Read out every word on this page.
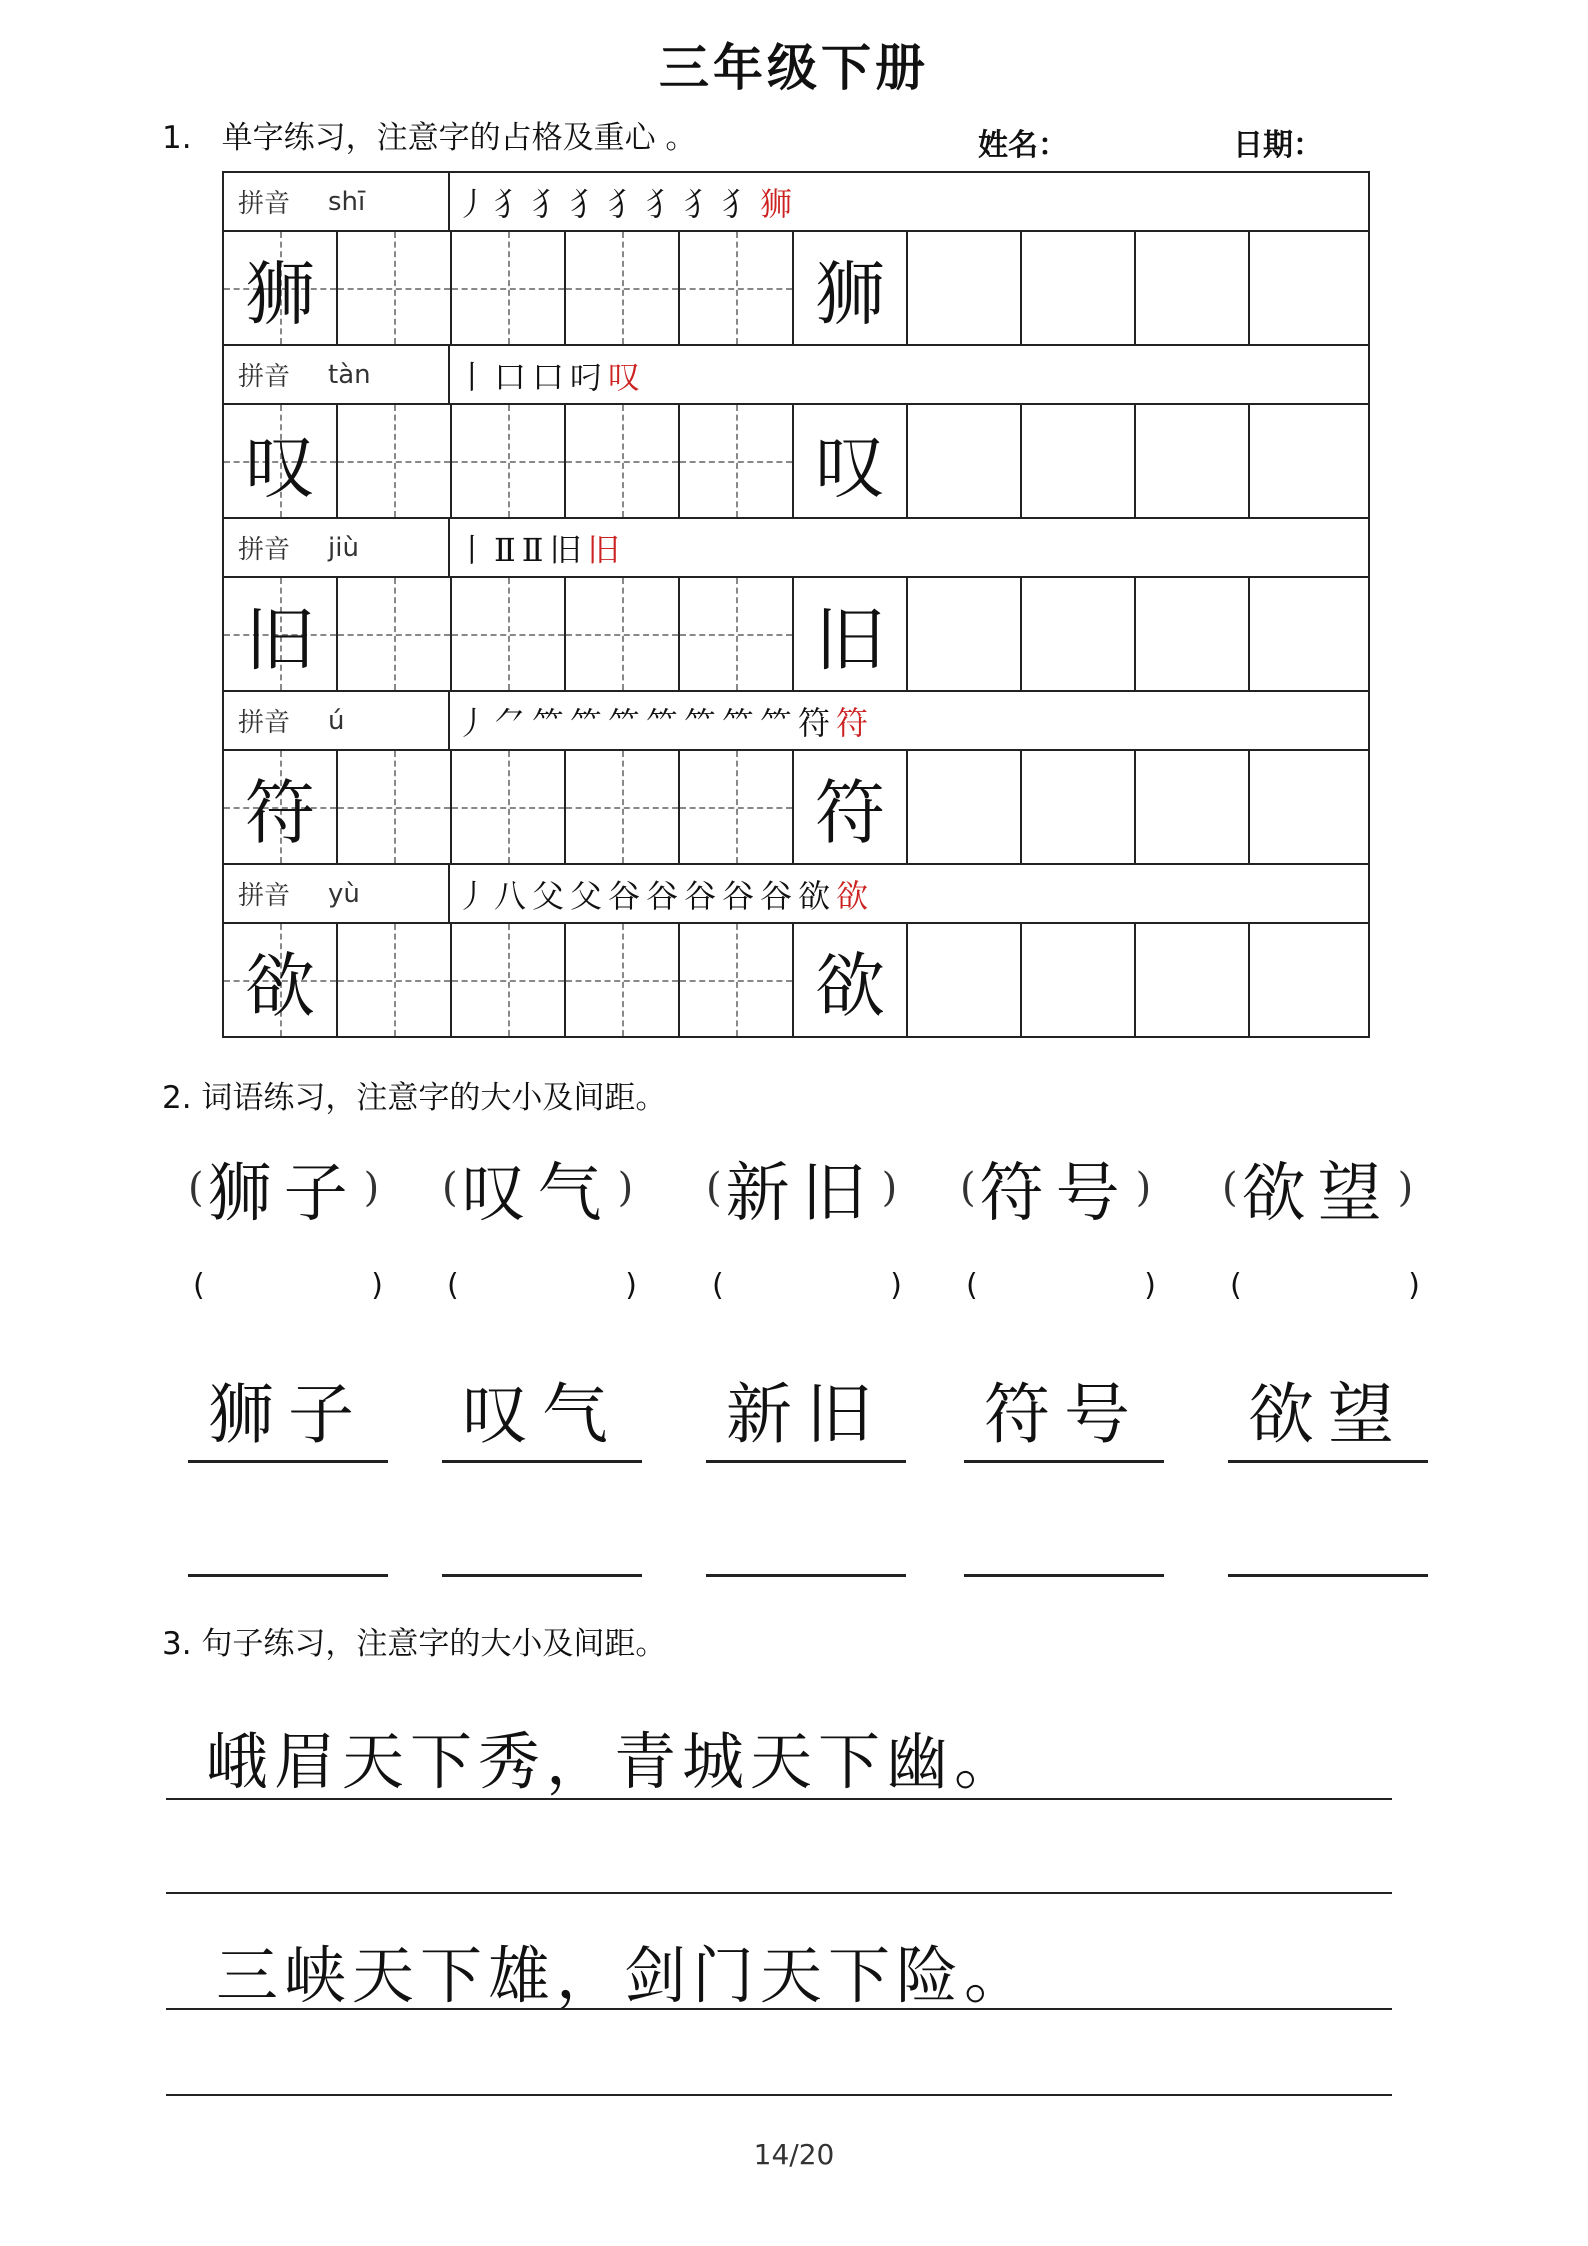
三年级下册
1. 单字练习，注意字的占格及重心 。	姓名：	日期：
拼音 shī	丿犭犭犭犭犭犭犭 狮
狮	狮
拼音 tàn	丨口口叼 叹
叹	叹
拼音 jiù	丨ⅡⅡ旧 旧
旧	旧
拼音 ú	丿⺈⺮⺮⺮⺮⺮⺮⺮符 符
符	符
拼音 yù	丿八父父谷谷谷谷谷欲 欲
欲	欲
2. 词语练习，注意字的大小及间距。
( 狮子 ) ( 叹气 ) ( 新旧 ) ( 符号 ) ( 欲望 )
(	) (	)	(	) (	) (	)
狮子	叹气	新旧	符号	欲望
3. 句子练习，注意字的大小及间距。
峨眉天下秀，青城天下幽。
三峡天下雄，剑门天下险。
14/20
